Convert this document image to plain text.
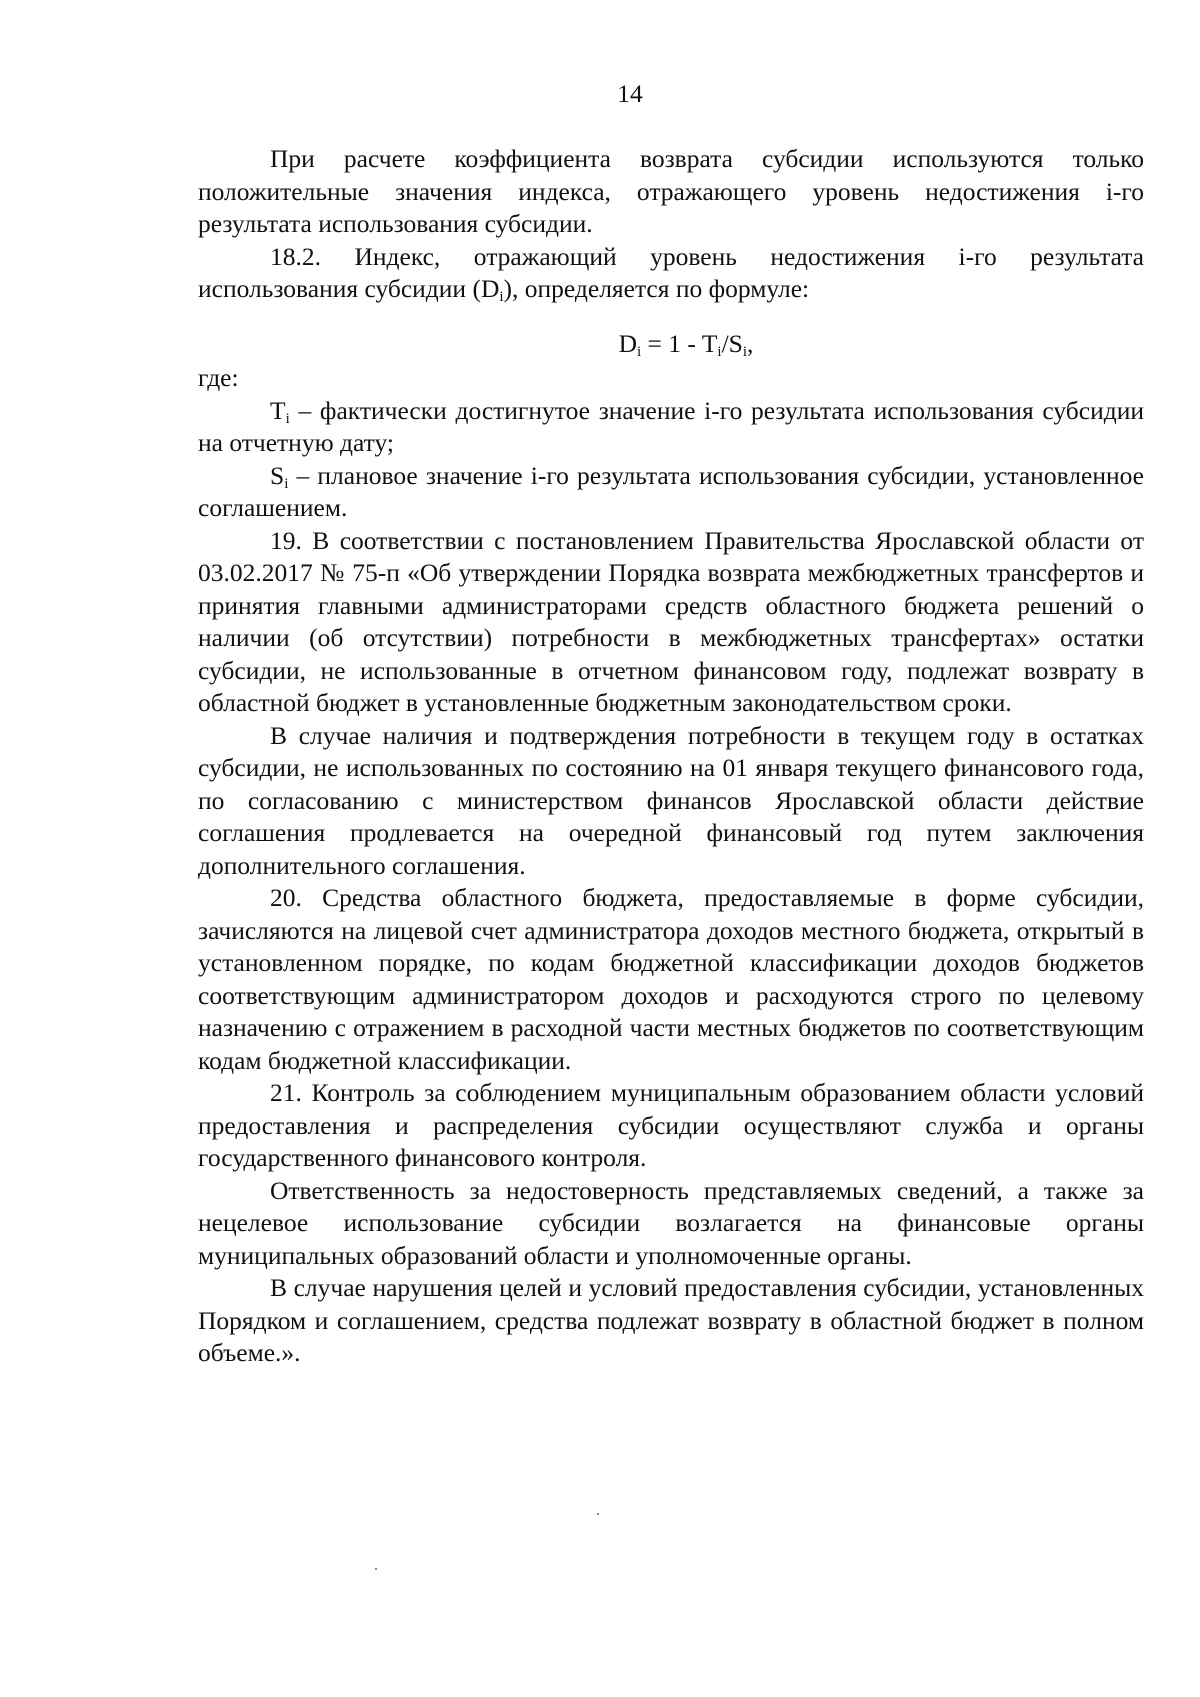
14

При расчете коэффициента возврата субсидии используются только положительные значения индекса, отражающего уровень недостижения i-го результата использования субсидии.

18.2. Индекс, отражающий уровень недостижения i-го результата использования субсидии $(D_i)$, определяется по формуле:

$D_i = 1 - T_i/S_i$,

где:

$T_i$ – фактически достигнутое значение i-го результата использования субсидии на отчетную дату;

$S_i$ – плановое значение i-го результата использования субсидии, установленное соглашением.

19. В соответствии с постановлением Правительства Ярославской области от 03.02.2017 № 75-п «Об утверждении Порядка возврата межбюджетных трансфертов и принятия главными администраторами средств областного бюджета решений о наличии (об отсутствии) потребности в межбюджетных трансфертах» остатки субсидии, не использованные в отчетном финансовом году, подлежат возврату в областной бюджет в установленные бюджетным законодательством сроки.

В случае наличия и подтверждения потребности в текущем году в остатках субсидии, не использованных по состоянию на 01 января текущего финансового года, по согласованию с министерством финансов Ярославской области действие соглашения продлевается на очередной финансовый год путем заключения дополнительного соглашения.

20. Средства областного бюджета, предоставляемые в форме субсидии, зачисляются на лицевой счет администратора доходов местного бюджета, открытый в установленном порядке, по кодам бюджетной классификации доходов бюджетов соответствующим администратором доходов и расходуются строго по целевому назначению с отражением в расходной части местных бюджетов по соответствующим кодам бюджетной классификации.

21. Контроль за соблюдением муниципальным образованием области условий предоставления и распределения субсидии осуществляют служба и органы государственного финансового контроля.

Ответственность за недостоверность представляемых сведений, а также за нецелевое использование субсидии возлагается на финансовые органы муниципальных образований области и уполномоченные органы.

В случае нарушения целей и условий предоставления субсидии, установленных Порядком и соглашением, средства подлежат возврату в областной бюджет в полном объеме.».
